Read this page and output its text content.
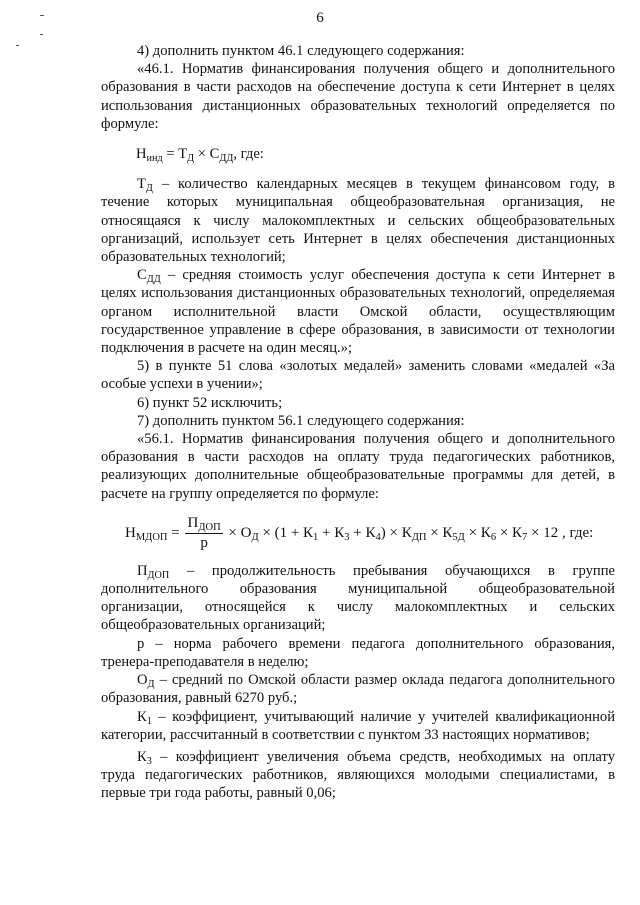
6

4) дополнить пунктом 46.1 следующего содержания:

«46.1. Норматив финансирования получения общего и дополнительного образования в части расходов на обеспечение доступа к сети Интернет в целях использования дистанционных образовательных технологий определяется по формуле:

$Н_{инд} = Т_Д \times С_{ДД}$, где:

$Т_Д$ – количество календарных месяцев в текущем финансовом году, в течение которых муниципальная общеобразовательная организация, не относящаяся к числу малокомплектных и сельских общеобразовательных организаций, использует сеть Интернет в целях обеспечения дистанционных образовательных технологий;

$С_{ДД}$ – средняя стоимость услуг обеспечения доступа к сети Интернет в целях использования дистанционных образовательных технологий, определяемая органом исполнительной власти Омской области, осуществляющим государственное управление в сфере образования, в зависимости от технологии подключения в расчете на один месяц.»;

5) в пункте 51 слова «золотых медалей» заменить словами «медалей «За особые успехи в учении»;

6) пункт 52 исключить;

7) дополнить пунктом 56.1 следующего содержания:

«56.1. Норматив финансирования получения общего и дополнительного образования в части расходов на оплату труда педагогических работников, реализующих дополнительные общеобразовательные программы для детей, в расчете на группу определяется по формуле:

$Н_{МДОП} = \frac{П_{ДОП}}{р} \times О_Д \times (1 + К_1 + К_3 + К_4) \times К_{ДП} \times К_{5Д} \times К_6 \times К_7 \times 12$ , где:

$П_{ДОП}$ – продолжительность пребывания обучающихся в группе дополнительного образования муниципальной общеобразовательной организации, относящейся к числу малокомплектных и сельских общеобразовательных организаций;

р – норма рабочего времени педагога дополнительного образования, тренера-преподавателя в неделю;

$О_Д$ – средний по Омской области размер оклада педагога дополнительного образования, равный 6270 руб.;

$К_1$ – коэффициент, учитывающий наличие у учителей квалификационной категории, рассчитанный в соответствии с пунктом 33 настоящих нормативов;

$К_3$ – коэффициент увеличения объема средств, необходимых на оплату труда педагогических работников, являющихся молодыми специалистами, в первые три года работы, равный 0,06;
